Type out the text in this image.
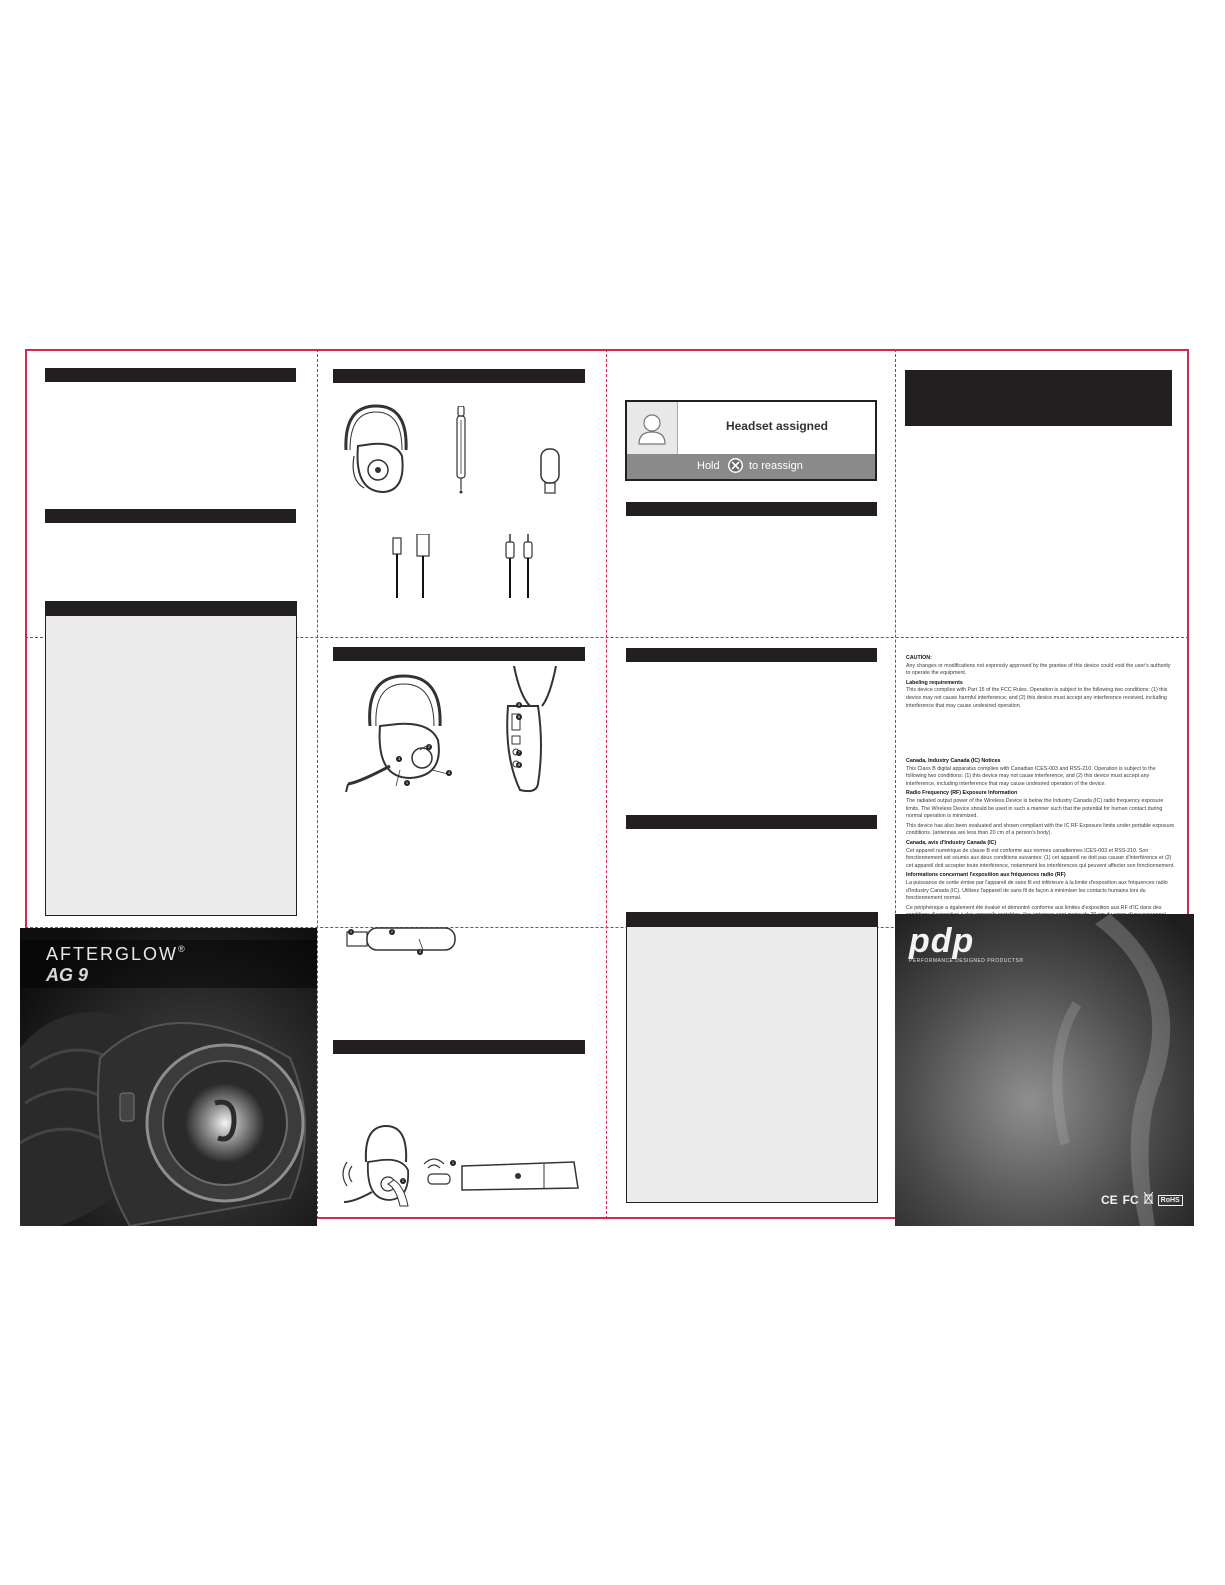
AFTERGLOW®
AG 9
1
2
3
4
5
6
7
8
1	2
3
1
2
Headset assigned
Hold	to reassign

CAUTION:
Any changes or modifications not expressly approved by the grantee of this device could void the user's authority to operate the equipment.

Labeling requirements
This device complies with Part 15 of the FCC Rules. Operation is subject to the following two conditions: (1) this device may not cause harmful interference, and (2) this device must accept any interference received, including interference that may cause undesired operation.

Canada, Industry Canada (IC) Notices
This Class B digital apparatus complies with Canadian ICES-003 and RSS-210. Operation is subject to the following two conditions: (1) this device may not cause interference, and (2) this device must accept any interference, including interference that may cause undesired operation of the device.

Radio Frequency (RF) Exposure Information
The radiated output power of the Wireless Device is below the Industry Canada (IC) radio frequency exposure limits. The Wireless Device should be used in such a manner such that the potential for human contact during normal operation is minimized.

This device has also been evaluated and shown compliant with the IC RF Exposure limits under portable exposure conditions. (antennas are less than 20 cm of a person's body).

Canada, avis d'Industry Canada (IC)
Cet appareil numérique de classe B est conforme aux normes canadiennes ICES-003 et RSS-210. Son fonctionnement est soumis aux deux conditions suivantes: (1) cet appareil ne doit pas causer d'interférence et (2) cet appareil doit accepter toute interférence, notamment les interférences qui peuvent affecter son fonctionnement.

Informations concernant l'exposition aux fréquences radio (RF)
La puissance de sortie émise par l'appareil de sans fil est inférieure à la limite d'exposition aux fréquences radio d'Industry Canada (IC). Utilisez l'appareil de sans fil de façon à minimiser les contacts humains lors du fonctionnement normal.

Ce périphérique a également été évalué et démontré conforme aux limites d'exposition aux RF d'IC dans des

pdp
PERFORMANCE DESIGNED PRODUCTS®
CE FC	RoHS
